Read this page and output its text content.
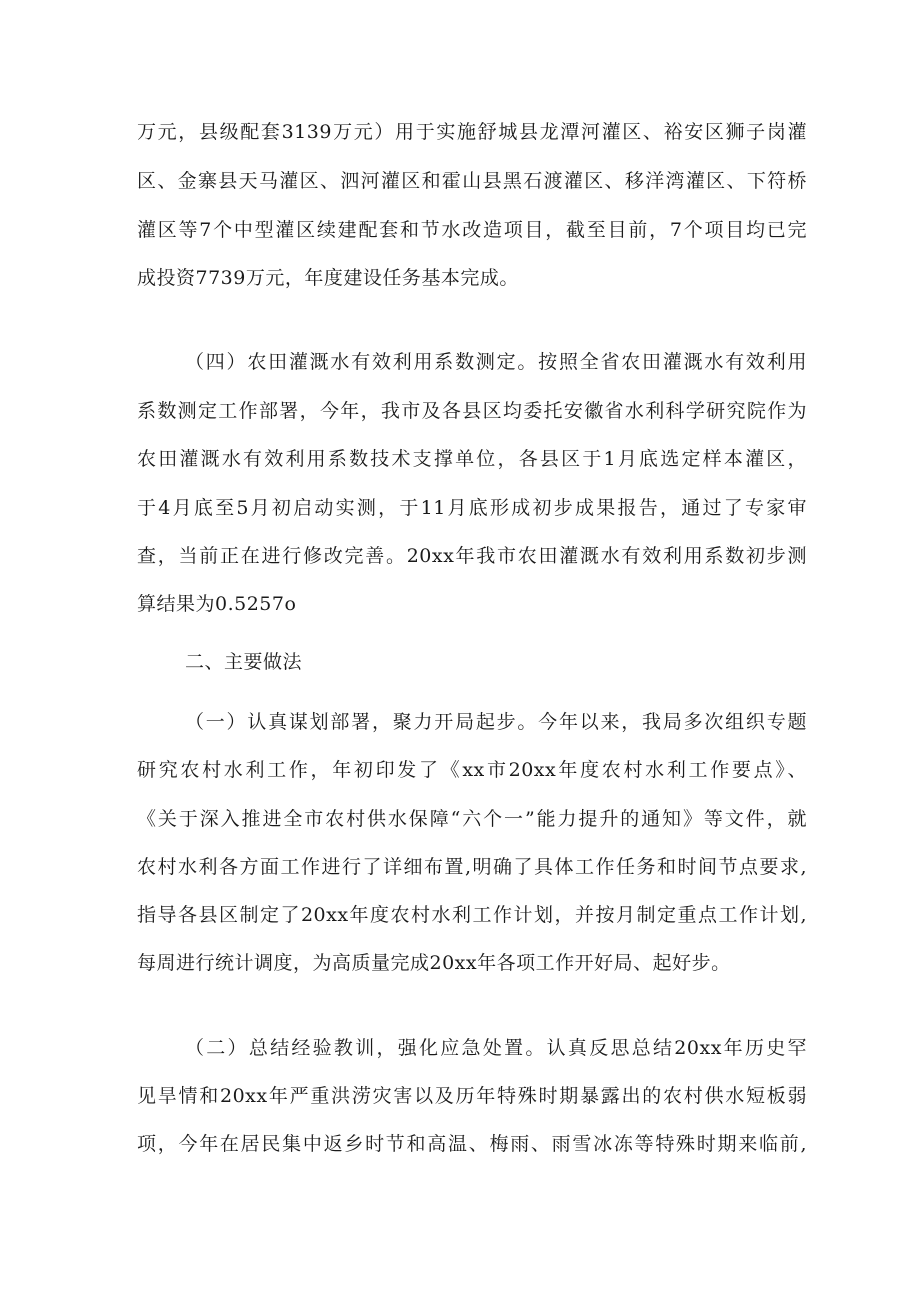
万元，县级配套3139万元）用于实施舒城县龙潭河灌区、裕安区狮子岗灌
区、金寨县天马灌区、泗河灌区和霍山县黑石渡灌区、移洋湾灌区、下符桥
灌区等7个中型灌区续建配套和节水改造项目，截至目前，7个项目均已完
成投资7739万元，年度建设任务基本完成。
（四）农田灌溉水有效利用系数测定。按照全省农田灌溉水有效利用
系数测定工作部署，今年，我市及各县区均委托安徽省水利科学研究院作为
农田灌溉水有效利用系数技术支撑单位，各县区于1月底选定样本灌区，
于4月底至5月初启动实测，于11月底形成初步成果报告，通过了专家审
查，当前正在进行修改完善。20xx年我市农田灌溉水有效利用系数初步测
算结果为0.5257o
二、主要做法
（一）认真谋划部署，聚力开局起步。今年以来，我局多次组织专题
研究农村水利工作，年初印发了《xx市20xx年度农村水利工作要点》、
《关于深入推进全市农村供水保障“六个一”能力提升的通知》等文件，就
农村水利各方面工作进行了详细布置,明确了具体工作任务和时间节点要求,
指导各县区制定了20xx年度农村水利工作计划，并按月制定重点工作计划,
每周进行统计调度，为高质量完成20xx年各项工作开好局、起好步。
（二）总结经验教训，强化应急处置。认真反思总结20xx年历史罕
见旱情和20xx年严重洪涝灾害以及历年特殊时期暴露出的农村供水短板弱
项，今年在居民集中返乡时节和高温、梅雨、雨雪冰冻等特殊时期来临前,
